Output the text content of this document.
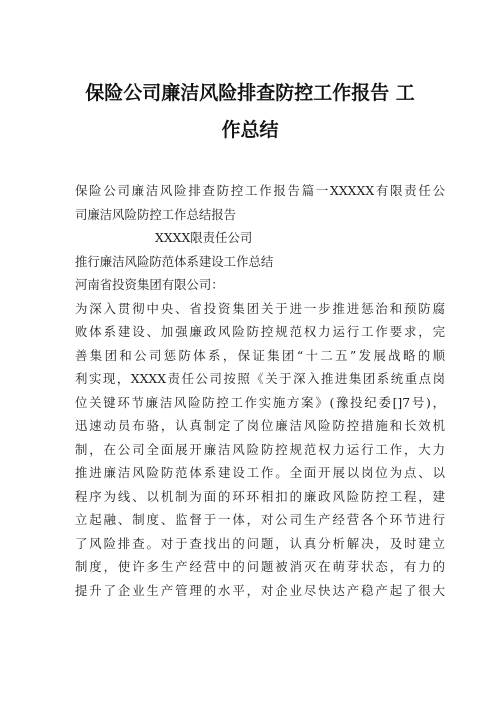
保险公司廉洁风险排查防控工作报告 工
作总结
保险公司廉洁风险排查防控工作报告篇一XXXXX有限责任公
司廉洁风险防控工作总结报告
XXXX限责任公司
推行廉洁风险防范体系建设工作总结
河南省投资集团有限公司：
为深入贯彻中央、省投资集团关于进一步推进惩治和预防腐
败体系建设、加强廉政风险防控规范权力运行工作要求，完
善集团和公司惩防体系，保证集团“十二五”发展战略的顺
利实现，XXXX责任公司按照《关于深入推进集团系统重点岗
位关键环节廉洁风险防控工作实施方案》(豫投纪委[]7号)，
迅速动员布骆，认真制定了岗位廉洁风险防控措施和长效机
制，在公司全面展开廉洁风险防控规范权力运行工作，大力
推进廉洁风险防范体系建设工作。全面开展以岗位为点、以
程序为线、以机制为面的环环相扣的廉政风险防控工程，建
立起融、制度、监督于一体，对公司生产经营各个环节进行
了风险排查。对于查找出的问题，认真分析解决，及时建立
制度，使许多生产经营中的问题被消灭在萌芽状态，有力的
提升了企业生产管理的水平，对企业尽快达产稳产起了很大
